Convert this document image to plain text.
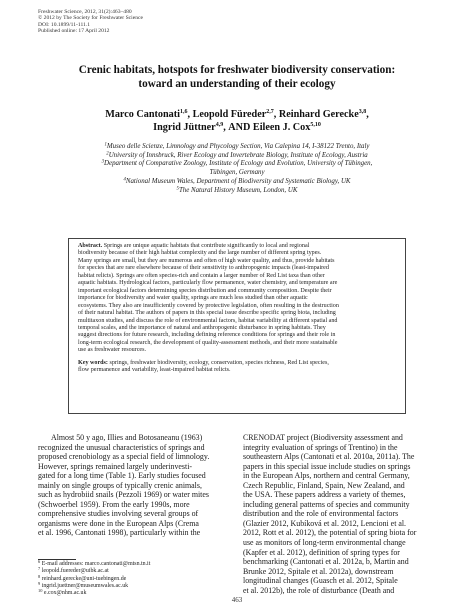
Freshwater Science, 2012, 31(2):463–480
© 2012 by The Society for Freshwater Science
DOI: 10.1899/11-111.1
Published online: 17 April 2012
Crenic habitats, hotspots for freshwater biodiversity conservation:
toward an understanding of their ecology
Marco Cantonati$^{1,6}$, Leopold Füreder$^{2,7}$, Reinhard Gerecke$^{3,8}$,
Ingrid Jüttner$^{4,9}$, AND Eileen J. Cox$^{5,10}$
$^1$Museo delle Scienze, Limnology and Phycology Section, Via Calepina 14, I-38122 Trento, Italy
$^2$University of Innsbruck, River Ecology and Invertebrate Biology, Institute of Ecology, Austria
$^3$Department of Comparative Zoology, Institute of Ecology and Evolution, University of Tübingen,
Tübingen, Germany
$^4$National Museum Wales, Department of Biodiversity and Systematic Biology, UK
$^5$The Natural History Museum, London, UK
Abstract. Springs are unique aquatic habitats that contribute significantly to local and regional
biodiversity because of their high habitat complexity and the large number of different spring types.
Many springs are small, but they are numerous and often of high water quality, and thus, provide habitats
for species that are rare elsewhere because of their sensitivity to anthropogenic impacts (least-impaired
habitat relicts). Springs are often species-rich and contain a larger number of Red List taxa than other
aquatic habitats. Hydrological factors, particularly flow permanence, water chemistry, and temperature are
important ecological factors determining species distribution and community composition. Despite their
importance for biodiversity and water quality, springs are much less studied than other aquatic
ecosystems. They also are insufficiently covered by protective legislation, often resulting in the destruction
of their natural habitat. The authors of papers in this special issue describe specific spring biota, including
multitaxon studies, and discuss the role of environmental factors, habitat variability at different spatial and
temporal scales, and the importance of natural and anthropogenic disturbance in spring habitats. They
suggest directions for future research, including defining reference conditions for springs and their role in
long-term ecological research, the development of quality-assessment methods, and their more sustainable
use as freshwater resources.
Key words: springs, freshwater biodiversity, ecology, conservation, species richness, Red List species,
flow permanence and variability, least-impaired habitat relicts.
Almost 50 y ago, Illies and Botosaneanu (1963)
recognized the unusual characteristics of springs and
proposed crenobiology as a special field of limnology.
However, springs remained largely underinvesti-
gated for a long time (Table 1). Early studies focused
mainly on single groups of typically crenic animals,
such as hydrobiid snails (Pezzoli 1969) or water mites
(Schwoerbel 1959). From the early 1990s, more
comprehensive studies involving several groups of
organisms were done in the European Alps (Crema
et al. 1996, Cantonati 1998), particularly within the
CRENODAT project (Biodiversity assessment and
integrity evaluation of springs of Trentino) in the
southeastern Alps (Cantonati et al. 2010a, 2011a). The
papers in this special issue include studies on springs
in the European Alps, northern and central Germany,
Czech Republic, Finland, Spain, New Zealand, and
the USA. These papers address a variety of themes,
including general patterns of species and community
distribution and the role of environmental factors
(Glazier 2012, Kubíková et al. 2012, Lencioni et al.
2012, Rott et al. 2012), the potential of spring biota for
use as monitors of long-term environmental change
(Kapfer et al. 2012), definition of spring types for
benchmarking (Cantonati et al. 2012a, b, Martin and
Brunke 2012, Spitale et al. 2012a), downstream
longitudinal changes (Guasch et al. 2012, Spitale
et al. 2012b), the role of disturbance (Death and
$^6$ E-mail addresses: marco.cantonati@mtsn.tn.it
$^7$ leopold.fuereder@uibk.ac.at
$^8$ reinhard.gerecke@uni-tuebingen.de
$^9$ ingrid.juettner@museumwales.ac.uk
$^{10}$ e.cox@nhm.ac.uk
463
